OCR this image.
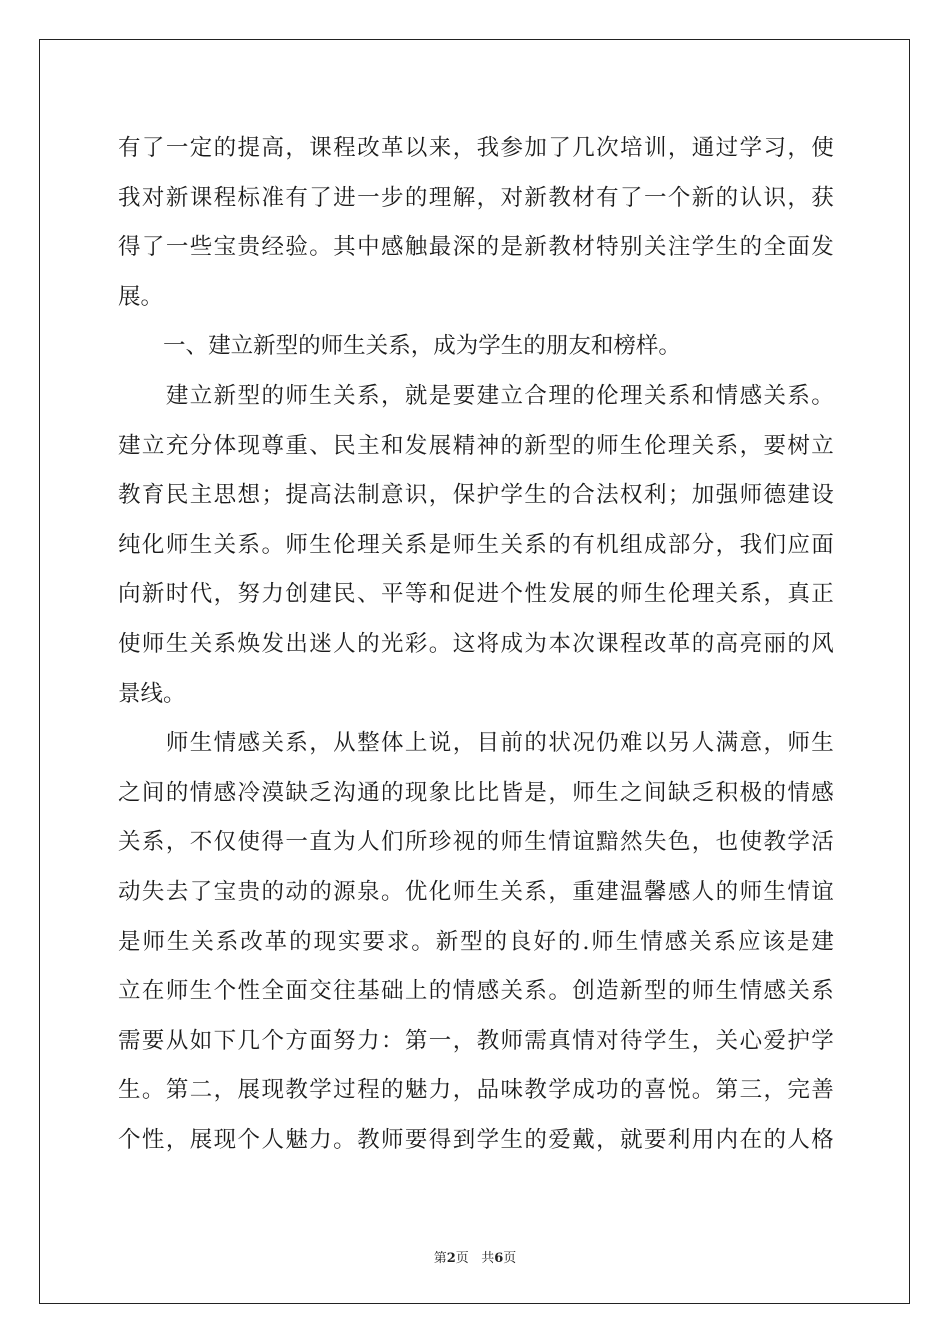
有 了 一 定 的 提 高 ， 课 程 改 革 以 来 ， 我 参 加 了 几 次 培 训 ， 通 过 学 习 ， 使
我 对 新 课 程 标 准 有 了 进 一 步 的 理 解 ， 对 新 教 材 有 了 一 个 新 的 认 识 ， 获
得 了 一 些 宝 贵 经 验 。 其 中 感 触 最 深 的 是 新 教 材 特 别 关 注 学 生 的 全 面 发
展 。

一 、 建 立 新 型 的 师 生 关 系 ， 成 为 学 生 的 朋 友 和 榜 样 。

建 立 新 型 的 师 生 关 系 ， 就 是 要 建 立 合 理 的 伦 理 关 系 和 情 感 关 系 。
建 立 充 分 体 现 尊 重 、 民 主 和 发 展 精 神 的 新 型 的 师 生 伦 理 关 系 ， 要 树 立
教 育 民 主 思 想 ； 提 高 法 制 意 识 ， 保 护 学 生 的 合 法 权 利 ； 加 强 师 德 建 设
纯 化 师 生 关 系 。 师 生 伦 理 关 系 是 师 生 关 系 的 有 机 组 成 部 分 ， 我 们 应 面
向 新 时 代 ， 努 力 创 建 民 、 平 等 和 促 进 个 性 发 展 的 师 生 伦 理 关 系 ， 真 正
使 师 生 关 系 焕 发 出 迷 人 的 光 彩 。 这 将 成 为 本 次 课 程 改 革 的 高 亮 丽 的 风
景 线 。

师 生 情 感 关 系 ， 从 整 体 上 说 ， 目 前 的 状 况 仍 难 以 另 人 满 意 ， 师 生
之 间 的 情 感 冷 漠 缺 乏 沟 通 的 现 象 比 比 皆 是 ， 师 生 之 间 缺 乏 积 极 的 情 感
关 系 ， 不 仅 使 得 一 直 为 人 们 所 珍 视 的 师 生 情 谊 黯 然 失 色 ， 也 使 教 学 活
动 失 去 了 宝 贵 的 动 的 源 泉 。 优 化 师 生 关 系 ， 重 建 温 馨 感 人 的 师 生 情 谊
是 师 生 关 系 改 革 的 现 实 要 求 。 新 型 的 良 好 的 . 师 生 情 感 关 系 应 该 是 建
立 在 师 生 个 性 全 面 交 往 基 础 上 的 情 感 关 系 。 创 造 新 型 的 师 生 情 感 关 系
需 要 从 如 下 几 个 方 面 努 力 ： 第 一 ， 教 师 需 真 情 对 待 学 生 ， 关 心 爱 护 学
生 。 第 二 ， 展 现 教 学 过 程 的 魅 力 ， 品 味 教 学 成 功 的 喜 悦 。 第 三 ， 完 善
个 性 ， 展 现 个 人 魅 力 。 教 师 要 得 到 学 生 的 爱 戴 ， 就 要 利 用 内 在 的 人 格
第2页 共6页
